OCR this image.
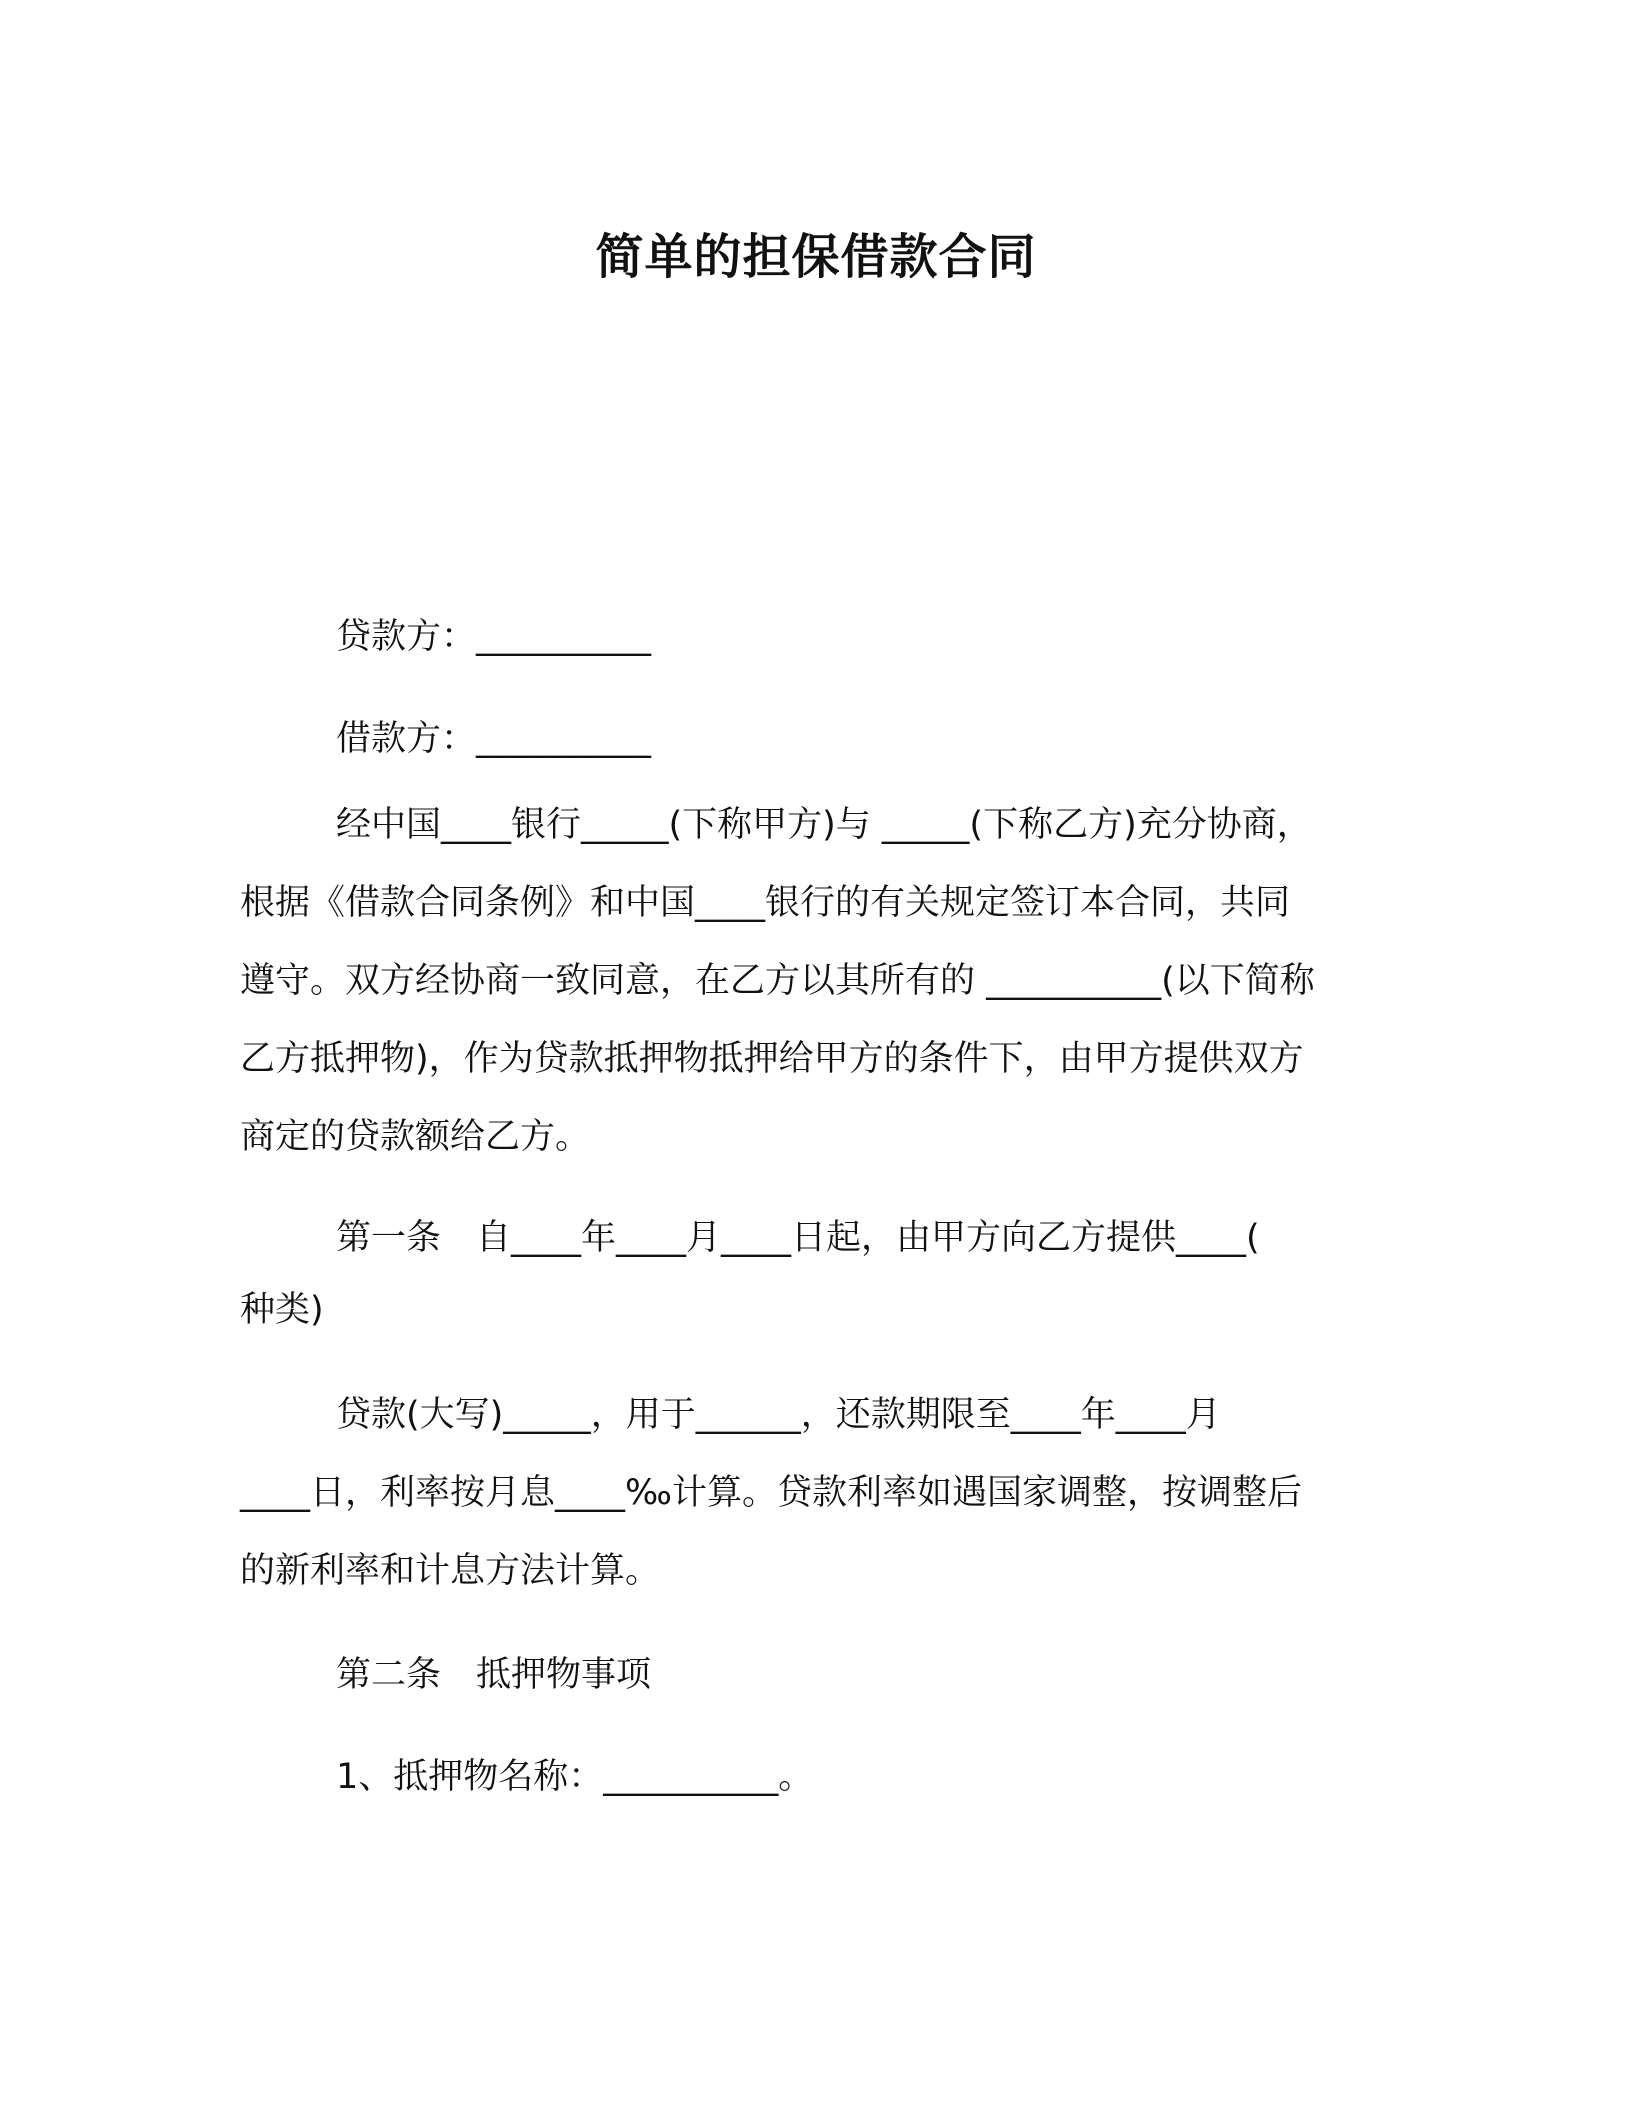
简单的担保借款合同

贷款方：__________

借款方：__________

经中国____银行_____(下称甲方)与 _____(下称乙方)充分协商，
根据《借款合同条例》和中国____银行的有关规定签订本合同，共同
遵守。双方经协商一致同意，在乙方以其所有的 __________(以下简称
乙方抵押物)，作为贷款抵押物抵押给甲方的条件下，由甲方提供双方
商定的贷款额给乙方。
第一条　自____年____月____日起，由甲方向乙方提供____(
种类)
贷款(大写)_____，用于______，还款期限至____年____月
____日，利率按月息____‰计算。贷款利率如遇国家调整，按调整后
的新利率和计息方法计算。

第二条　抵押物事项

1、抵押物名称：__________。
